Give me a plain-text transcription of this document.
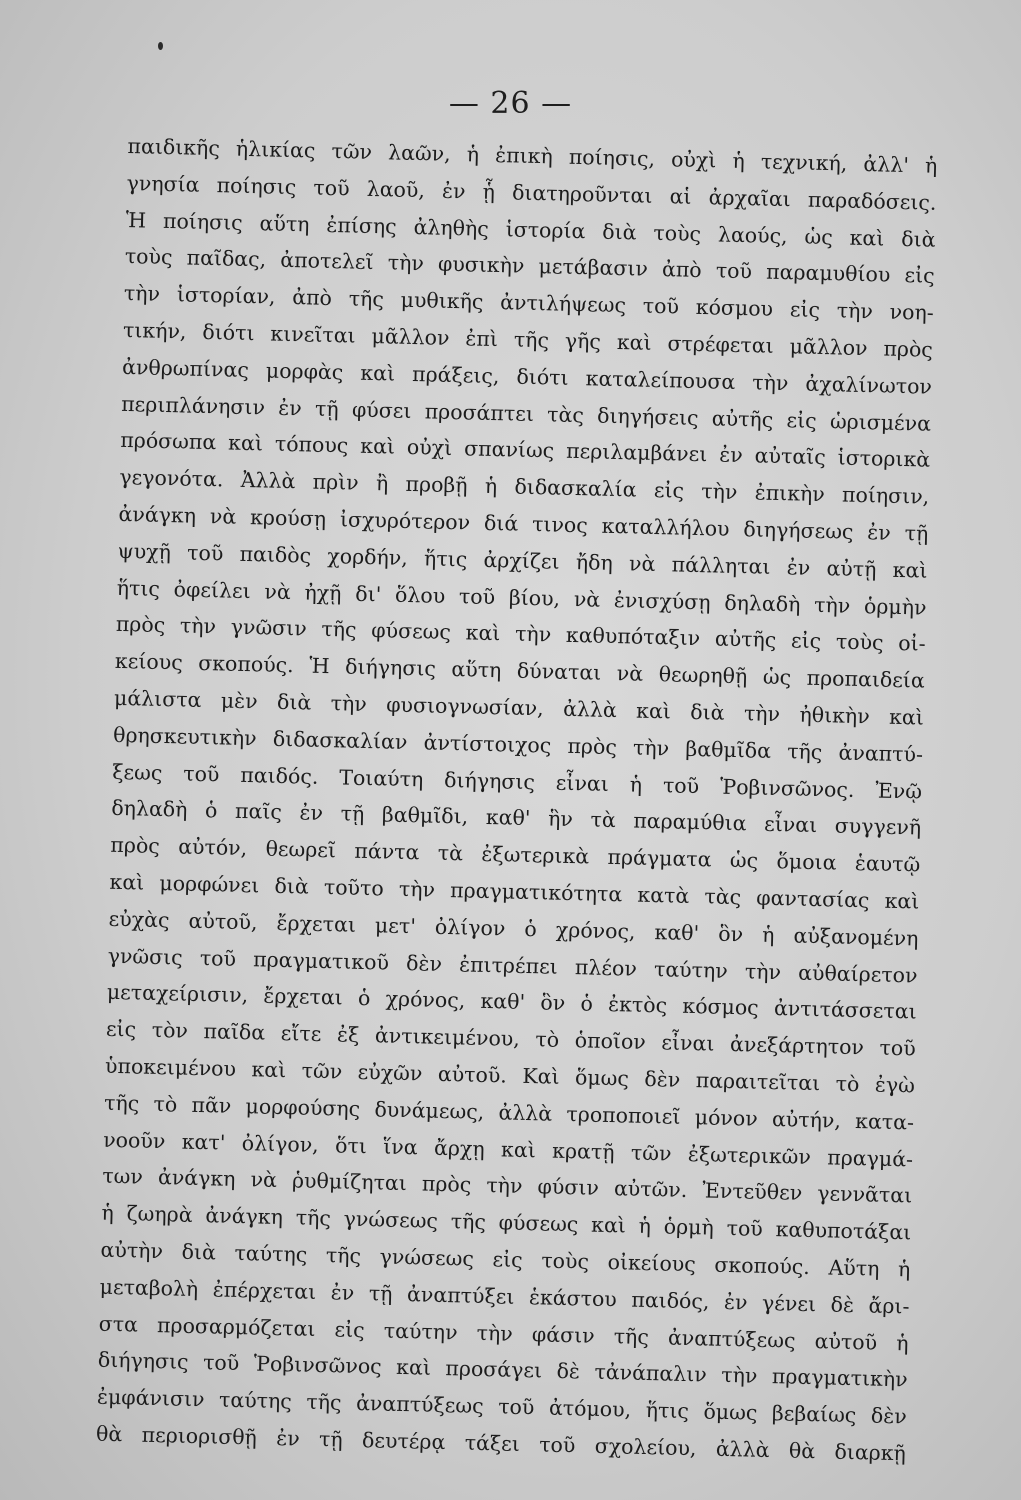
— 26 —
παιδικῆς ἡλικίας τῶν λαῶν, ἡ ἐπικὴ ποίησις, οὐχὶ ἡ τεχνική, ἀλλ' ἡ
γνησία ποίησις τοῦ λαοῦ, ἐν ᾗ διατηροῦνται αἱ ἀρχαῖαι παραδόσεις.
Ἡ ποίησις αὕτη ἐπίσης ἀληθὴς ἱστορία διὰ τοὺς λαούς, ὡς καὶ διὰ
τοὺς παῖδας, ἀποτελεῖ τὴν φυσικὴν μετάβασιν ἀπὸ τοῦ παραμυθίου εἰς
τὴν ἱστορίαν, ἀπὸ τῆς μυθικῆς ἀντιλήψεως τοῦ κόσμου εἰς τὴν νοη-
τικήν, διότι κινεῖται μᾶλλον ἐπὶ τῆς γῆς καὶ στρέφεται μᾶλλον πρὸς
ἀνθρωπίνας μορφὰς καὶ πράξεις, διότι καταλείπουσα τὴν ἀχαλίνωτον
περιπλάνησιν ἐν τῇ φύσει προσάπτει τὰς διηγήσεις αὐτῆς εἰς ὡρισμένα
πρόσωπα καὶ τόπους καὶ οὐχὶ σπανίως περιλαμβάνει ἐν αὐταῖς ἱστορικὰ
γεγονότα. Ἀλλὰ πρὶν ἢ προβῇ ἡ διδασκαλία εἰς τὴν ἐπικὴν ποίησιν,
ἀνάγκη νὰ κρούσῃ ἰσχυρότερον διά τινος καταλλήλου διηγήσεως ἐν τῇ
ψυχῇ τοῦ παιδὸς χορδήν, ἥτις ἀρχίζει ἤδη νὰ πάλληται ἐν αὐτῇ καὶ
ἥτις ὀφείλει νὰ ἠχῇ δι' ὅλου τοῦ βίου, νὰ ἐνισχύσῃ δηλαδὴ τὴν ὁρμὴν
πρὸς τὴν γνῶσιν τῆς φύσεως καὶ τὴν καθυπόταξιν αὐτῆς εἰς τοὺς οἰ-
κείους σκοπούς. Ἡ διήγησις αὕτη δύναται νὰ θεωρηθῇ ὡς προπαιδεία
μάλιστα μὲν διὰ τὴν φυσιογνωσίαν, ἀλλὰ καὶ διὰ τὴν ἠθικὴν καὶ
θρησκευτικὴν διδασκαλίαν ἀντίστοιχος πρὸς τὴν βαθμῖδα τῆς ἀναπτύ-
ξεως τοῦ παιδός. Τοιαύτη διήγησις εἶναι ἡ τοῦ Ῥοβινσῶνος. Ἐνῷ
δηλαδὴ ὁ παῖς ἐν τῇ βαθμῖδι, καθ' ἣν τὰ παραμύθια εἶναι συγγενῆ
πρὸς αὐτόν, θεωρεῖ πάντα τὰ ἐξωτερικὰ πράγματα ὡς ὅμοια ἑαυτῷ
καὶ μορφώνει διὰ τοῦτο τὴν πραγματικότητα κατὰ τὰς φαντασίας καὶ
εὐχὰς αὐτοῦ, ἔρχεται μετ' ὀλίγον ὁ χρόνος, καθ' ὃν ἡ αὐξανομένη
γνῶσις τοῦ πραγματικοῦ δὲν ἐπιτρέπει πλέον ταύτην τὴν αὐθαίρετον
μεταχείρισιν, ἔρχεται ὁ χρόνος, καθ' ὃν ὁ ἐκτὸς κόσμος ἀντιτάσσεται
εἰς τὸν παῖδα εἴτε ἐξ ἀντικειμένου, τὸ ὁποῖον εἶναι ἀνεξάρτητον τοῦ
ὑποκειμένου καὶ τῶν εὐχῶν αὐτοῦ. Καὶ ὅμως δὲν παραιτεῖται τὸ ἐγὼ
τῆς τὸ πᾶν μορφούσης δυνάμεως, ἀλλὰ τροποποιεῖ μόνον αὐτήν, κατα-
νοοῦν κατ' ὀλίγον, ὅτι ἵνα ἄρχῃ καὶ κρατῇ τῶν ἐξωτερικῶν πραγμά-
των ἀνάγκη νὰ ῥυθμίζηται πρὸς τὴν φύσιν αὐτῶν. Ἐντεῦθεν γεννᾶται
ἡ ζωηρὰ ἀνάγκη τῆς γνώσεως τῆς φύσεως καὶ ἡ ὁρμὴ τοῦ καθυποτάξαι
αὐτὴν διὰ ταύτης τῆς γνώσεως εἰς τοὺς οἰκείους σκοπούς. Αὕτη ἡ
μεταβολὴ ἐπέρχεται ἐν τῇ ἀναπτύξει ἑκάστου παιδός, ἐν γένει δὲ ἄρι-
στα προσαρμόζεται εἰς ταύτην τὴν φάσιν τῆς ἀναπτύξεως αὐτοῦ ἡ
διήγησις τοῦ Ῥοβινσῶνος καὶ προσάγει δὲ τἀνάπαλιν τὴν πραγματικὴν
ἐμφάνισιν ταύτης τῆς ἀναπτύξεως τοῦ ἀτόμου, ἥτις ὅμως βεβαίως δὲν
θὰ περιορισθῇ ἐν τῇ δευτέρᾳ τάξει τοῦ σχολείου, ἀλλὰ θὰ διαρκῇ
